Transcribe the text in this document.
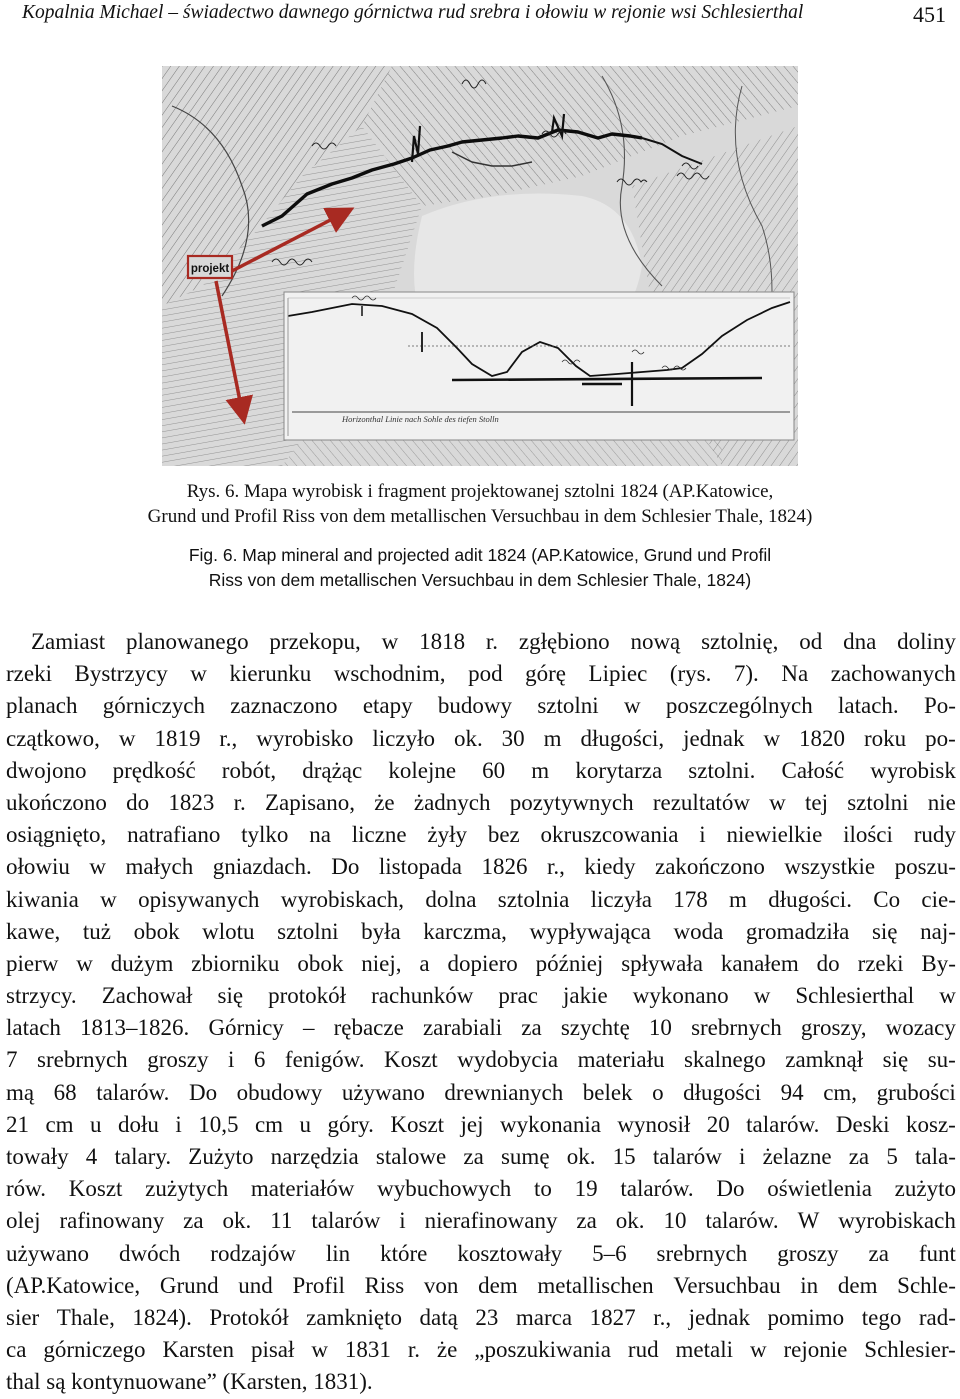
Kopalnia Michael – świadectwo dawnego górnictwa rud srebra i ołowiu w rejonie wsi Schlesierthal	451
projekt
Horizonthal Linie nach Sohle des tiefen Stolln
Rys. 6. Mapa wyrobisk i fragment projektowanej sztolni 1824 (AP.Katowice,
Grund und Profil Riss von dem metallischen Versuchbau in dem Schlesier Thale, 1824)
Fig. 6. Map mineral and projected adit 1824 (AP.Katowice, Grund und Profil
Riss von dem metallischen Versuchbau in dem Schlesier Thale, 1824)
Zamiast planowanego przekopu, w 1818 r. zgłębiono nową sztolnię, od dna doliny
rzeki Bystrzycy w kierunku wschodnim, pod górę Lipiec (rys. 7). Na zachowanych
planach górniczych zaznaczono etapy budowy sztolni w poszczególnych latach. Po-
czątkowo, w 1819 r., wyrobisko liczyło ok. 30 m długości, jednak w 1820 roku po-
dwojono prędkość robót, drążąc kolejne 60 m korytarza sztolni. Całość wyrobisk
ukończono do 1823 r. Zapisano, że żadnych pozytywnych rezultatów w tej sztolni nie
osiągnięto, natrafiano tylko na liczne żyły bez okruszcowania i niewielkie ilości rudy
ołowiu w małych gniazdach. Do listopada 1826 r., kiedy zakończono wszystkie poszu-
kiwania w opisywanych wyrobiskach, dolna sztolnia liczyła 178 m długości. Co cie-
kawe, tuż obok wlotu sztolni była karczma, wypływająca woda gromadziła się naj-
pierw w dużym zbiorniku obok niej, a dopiero później spływała kanałem do rzeki By-
strzycy. Zachował się protokół rachunków prac jakie wykonano w Schlesierthal w
latach 1813–1826. Górnicy – rębacze zarabiali za szychtę 10 srebrnych groszy, wozacy
7 srebrnych groszy i 6 fenigów. Koszt wydobycia materiału skalnego zamknął się su-
mą 68 talarów. Do obudowy używano drewnianych belek o długości 94 cm, grubości
21 cm u dołu i 10,5 cm u góry. Koszt jej wykonania wynosił 20 talarów. Deski kosz-
towały 4 talary. Zużyto narzędzia stalowe za sumę ok. 15 talarów i żelazne za 5 tala-
rów. Koszt zużytych materiałów wybuchowych to 19 talarów. Do oświetlenia zużyto
olej rafinowany za ok. 11 talarów i nierafinowany za ok. 10 talarów. W wyrobiskach
używano dwóch rodzajów lin które kosztowały 5–6 srebrnych groszy za funt
(AP.Katowice, Grund und Profil Riss von dem metallischen Versuchbau in dem Schle-
sier Thale, 1824). Protokół zamknięto datą 23 marca 1827 r., jednak pomimo tego rad-
ca górniczego Karsten pisał w 1831 r. że „poszukiwania rud metali w rejonie Schlesier-
thal są kontynuowane” (Karsten, 1831).
